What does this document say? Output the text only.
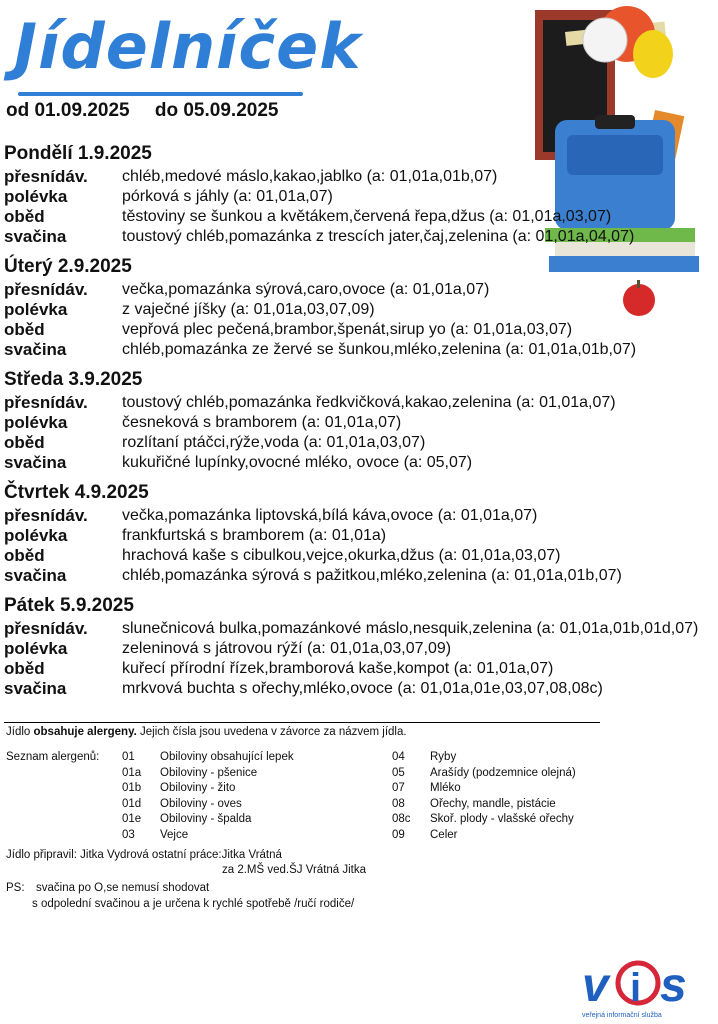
Jídelníček
od 01.09.2025 do 05.09.2025
Pondělí 1.9.2025
přesnídáv.	chléb,medové máslo,kakao,jablko (a: 01,01a,01b,07)
polévka	pórková s jáhly (a: 01,01a,07)
oběd	těstoviny se šunkou a květákem,červená řepa,džus (a: 01,01a,03,07)
svačina	toustový chléb,pomazánka z trescích jater,čaj,zelenina (a: 01,01a,04,07)
Úterý 2.9.2025
přesnídáv.	večka,pomazánka sýrová,caro,ovoce (a: 01,01a,07)
polévka	z vaječné jíšky (a: 01,01a,03,07,09)
oběd	vepřová plec pečená,brambor,špenát,sirup yo (a: 01,01a,03,07)
svačina	chléb,pomazánka ze žervé se šunkou,mléko,zelenina (a: 01,01a,01b,07)
Středa 3.9.2025
přesnídáv.	toustový chléb,pomazánka ředkvičková,kakao,zelenina (a: 01,01a,07)
polévka	česneková s bramborem (a: 01,01a,07)
oběd	rozlítaní ptáčci,rýže,voda (a: 01,01a,03,07)
svačina	kukuřičné lupínky,ovocné mléko, ovoce (a: 05,07)
Čtvrtek 4.9.2025
přesnídáv.	večka,pomazánka liptovská,bílá káva,ovoce (a: 01,01a,07)
polévka	frankfurtská s bramborem (a: 01,01a)
oběd	hrachová kaše s cibulkou,vejce,okurka,džus (a: 01,01a,03,07)
svačina	chléb,pomazánka sýrová s pažitkou,mléko,zelenina (a: 01,01a,01b,07)
Pátek 5.9.2025
přesnídáv.	slunečnicová bulka,pomazánkové máslo,nesquik,zelenina (a: 01,01a,01b,01d,07)
polévka	zeleninová s játrovou rýží (a: 01,01a,03,07,09)
oběd	kuřecí přírodní řízek,bramborová kaše,kompot (a: 01,01a,07)
svačina	mrkvová buchta s ořechy,mléko,ovoce (a: 01,01a,01e,03,07,08,08c)
Jídlo obsahuje alergeny. Jejich čísla jsou uvedena v závorce za názvem jídla.
Seznam alergenů: 01 Obiloviny obsahující lepek
01a Obiloviny - pšenice
01b Obiloviny - žito
01d Obiloviny - oves
01e Obiloviny - špalda
03 Vejce
04 Ryby
05 Arašídy (podzemnice olejná)
07 Mléko
08 Ořechy, mandle, pistácie
08c Skoř. plody - vlašské ořechy
09 Celer
Jídlo připravil: Jitka Vydrová ostatní práce:Jitka Vrátná
za 2.MŠ ved.ŠJ Vrátná Jitka
PS: svačina po O,se nemusí shodovat
s odpolední svačinou a je určena k rychlé spotřebě /ručí rodiče/
v i s
veřejná informační služba
